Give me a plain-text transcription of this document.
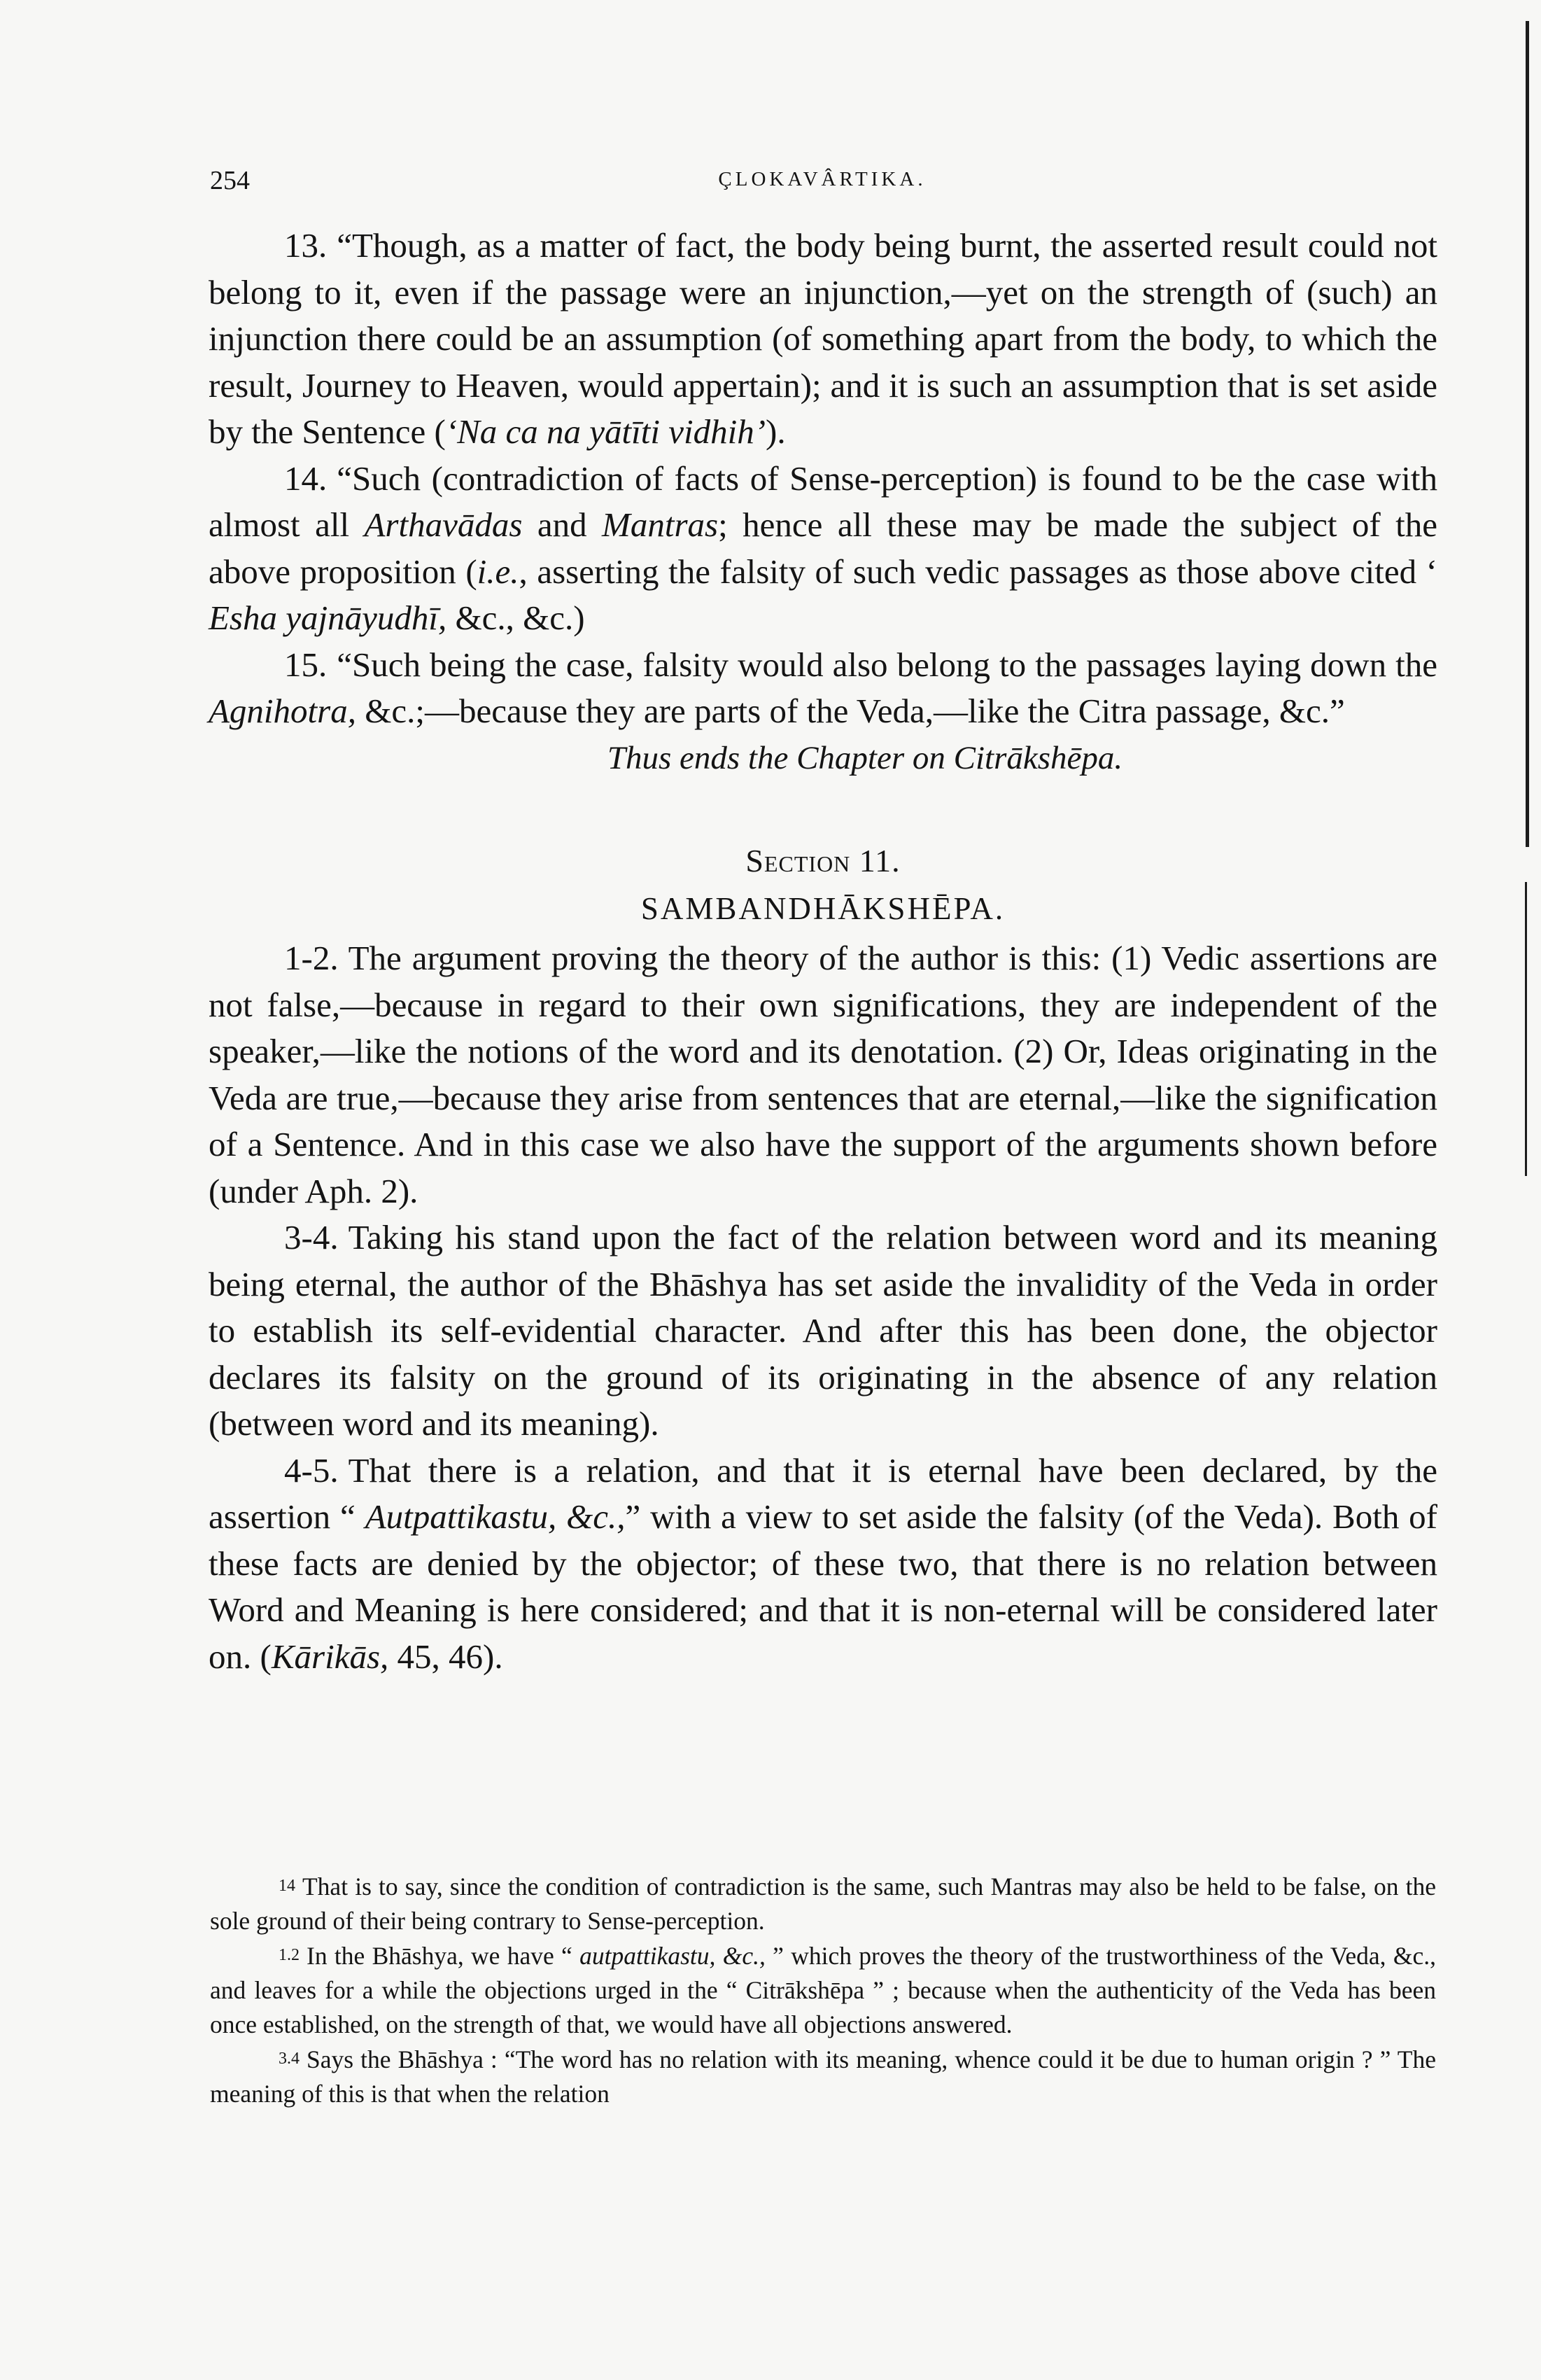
254	ÇLOKAVÂRTIKA.

13. “Though, as a matter of fact, the body being burnt, the asserted result could not belong to it, even if the passage were an injunction,—yet on the strength of (such) an injunction there could be an assumption (of something apart from the body, to which the result, Journey to Heaven, would appertain); and it is such an assumption that is set aside by the Sentence (‘Na ca na yātīti vidhih’).

14. “Such (contradiction of facts of Sense-perception) is found to be the case with almost all Arthavādas and Mantras; hence all these may be made the subject of the above proposition (i.e., asserting the falsity of such vedic passages as those above cited ‘ Esha yajnāyudhī, &c., &c.)

15. “Such being the case, falsity would also belong to the passages laying down the Agnihotra, &c.;—because they are parts of the Veda,—like the Citra passage, &c.”

Thus ends the Chapter on Citrākshēpa.
Section 11.
SAMBANDHĀKSHĒPA.

1-2. The argument proving the theory of the author is this: (1) Vedic assertions are not false,—because in regard to their own significations, they are independent of the speaker,—like the notions of the word and its denotation. (2) Or, Ideas originating in the Veda are true,—because they arise from sentences that are eternal,—like the signification of a Sentence. And in this case we also have the support of the arguments shown before (under Aph. 2).

3-4. Taking his stand upon the fact of the relation between word and its meaning being eternal, the author of the Bhāshya has set aside the invalidity of the Veda in order to establish its self-evidential character. And after this has been done, the objector declares its falsity on the ground of its originating in the absence of any relation (between word and its meaning).

4-5. That there is a relation, and that it is eternal have been declared, by the assertion “ Autpattikastu, &c.,” with a view to set aside the falsity (of the Veda). Both of these facts are denied by the objector; of these two, that there is no relation between Word and Meaning is here considered; and that it is non-eternal will be considered later on. (Kārikās, 45, 46).

14 That is to say, since the condition of contradiction is the same, such Mantras may also be held to be false, on the sole ground of their being contrary to Sense-perception.

1.2 In the Bhāshya, we have “ autpattikastu, &c., ” which proves the theory of the trustworthiness of the Veda, &c., and leaves for a while the objections urged in the “ Citrākshēpa ” ; because when the authenticity of the Veda has been once established, on the strength of that, we would have all objections answered.

3.4 Says the Bhāshya : “The word has no relation with its meaning, whence could it be due to human origin ? ” The meaning of this is that when the relation
